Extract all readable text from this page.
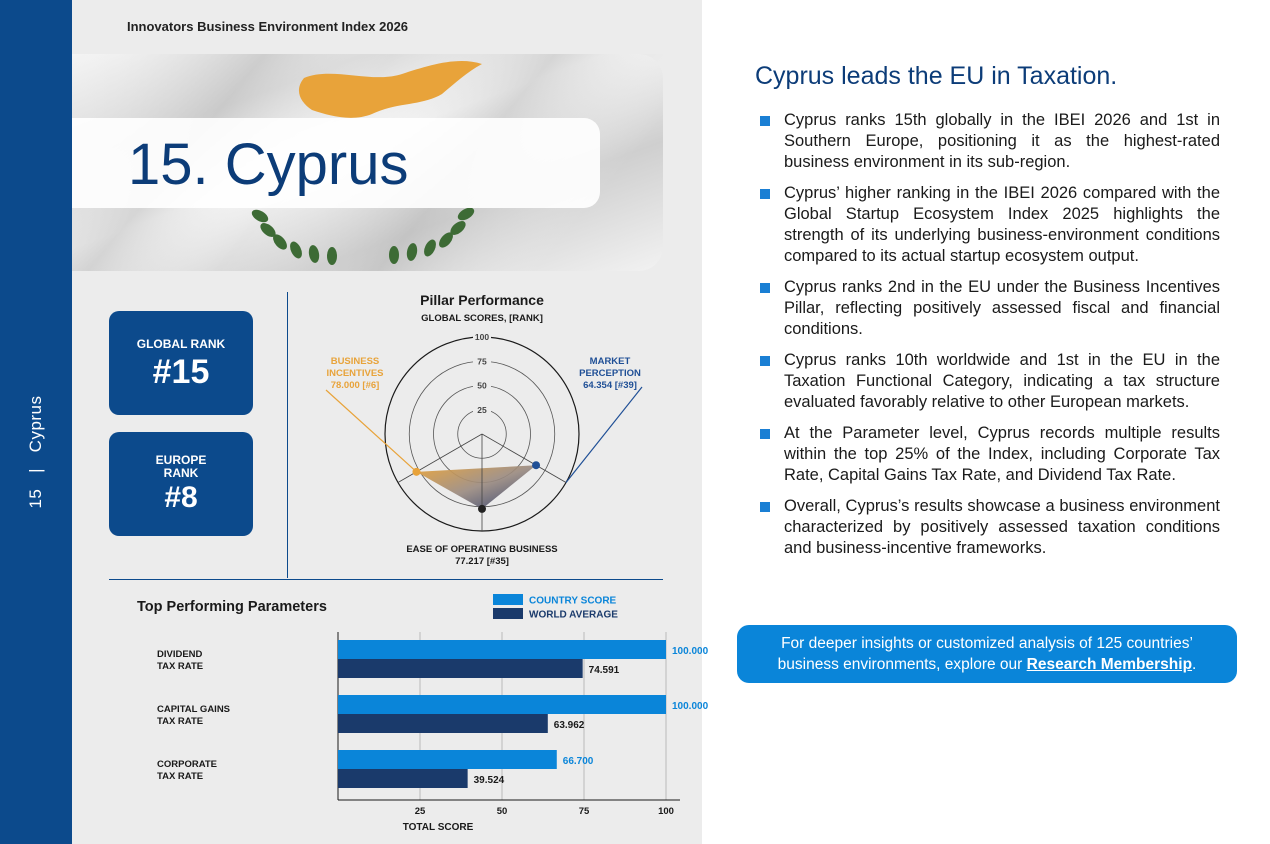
15   |   Cyprus
Innovators Business Environment Index 2026
15. Cyprus
GLOBAL RANK
#15
EUROPE
RANK
#8
Pillar Performance
GLOBAL SCORES, [RANK]
25
50
75
100
MARKET
PERCEPTION
64.354 [#39]
EASE OF OPERATING BUSINESS
77.217 [#35]
BUSINESS
INCENTIVES
78.000 [#6]
Top Performing Parameters	COUNTRY SCORE
WORLD AVERAGE
25	50	75	100
DIVIDEND
TAX RATE
CAPITAL GAINS
TAX RATE
CORPORATE
TAX RATE
100.000
74.591
100.000
63.962
66.700
39.524
TOTAL SCORE
Cyprus leads the EU in Taxation.
Cyprus ranks 15th globally in the IBEI 2026 and 1st in Southern Europe, positioning it as the highest-rated business environment in its sub-region.
Cyprus’ higher ranking in the IBEI 2026 compared with the Global Startup Ecosystem Index 2025 highlights the strength of its underlying business-environment conditions compared to its actual startup ecosystem output.
Cyprus ranks 2nd in the EU under the Business Incentives Pillar, reflecting positively assessed fiscal and financial conditions.
Cyprus ranks 10th worldwide and 1st in the EU in the Taxation Functional Category, indicating a tax structure evaluated favorably relative to other European markets.
At the Parameter level, Cyprus records multiple results within the top 25% of the Index, including Corporate Tax Rate, Capital Gains Tax Rate, and Dividend Tax Rate.
Overall, Cyprus’s results showcase a business environment characterized by positively assessed taxation conditions and business-incentive frameworks.
For deeper insights or customized analysis of 125 countries’
business environments, explore our Research Membership.
